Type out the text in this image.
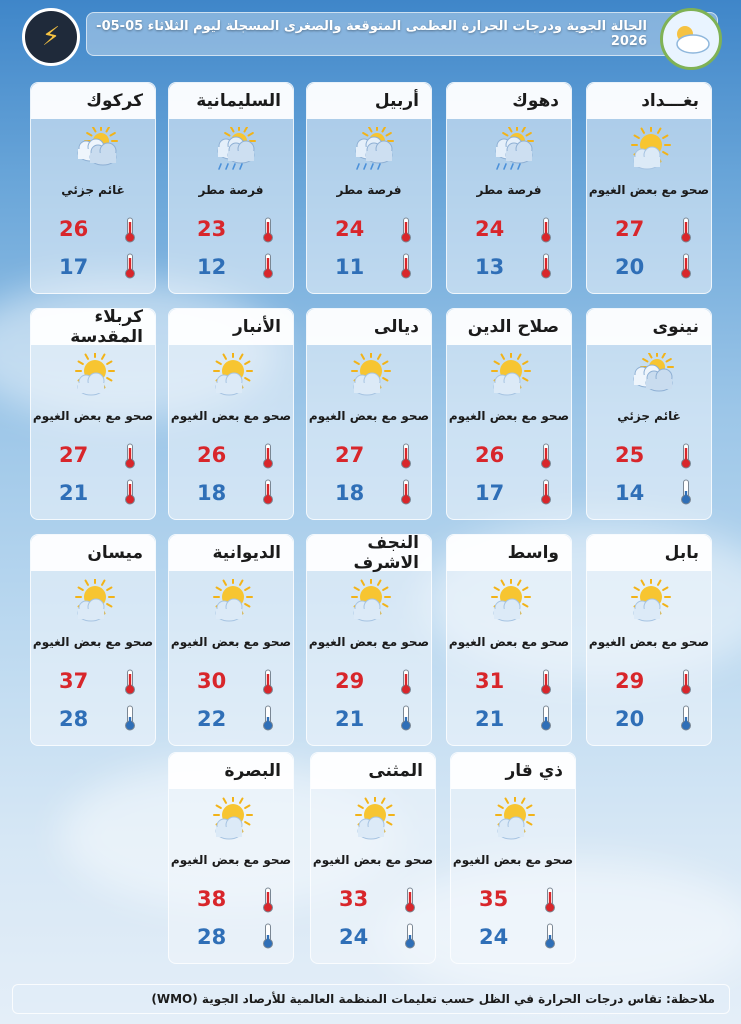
⚡	الحالة الجوية ودرجات الحرارة العظمى المتوقعة والصغرى المسجلة ليوم الثلاثاء 05-05-2026
بغـــداد
صحو مع بعض الغيوم
27
20
دهوك
فرصة مطر
24
13
أربيل
فرصة مطر
24
11
السليمانية
فرصة مطر
23
12
كركوك
غائم جزئي
26
17
نينوى
غائم جزئي
25
14
صلاح الدين
صحو مع بعض الغيوم
26
17
ديالى
صحو مع بعض الغيوم
27
18
الأنبار
صحو مع بعض الغيوم
26
18
كربلاء المقدسة
صحو مع بعض الغيوم
27
21
بابل
صحو مع بعض الغيوم
29
20
واسط
صحو مع بعض الغيوم
31
21
النجف الاشرف
صحو مع بعض الغيوم
29
21
الديوانية
صحو مع بعض الغيوم
30
22
ميسان
صحو مع بعض الغيوم
37
28
ذي قار
صحو مع بعض الغيوم
35
24
المثنى
صحو مع بعض الغيوم
33
24
البصرة
صحو مع بعض الغيوم
38
28
ملاحظة: تقاس درجات الحرارة في الظل حسب تعليمات المنظمة العالمية للأرصاد الجوية (WMO)
